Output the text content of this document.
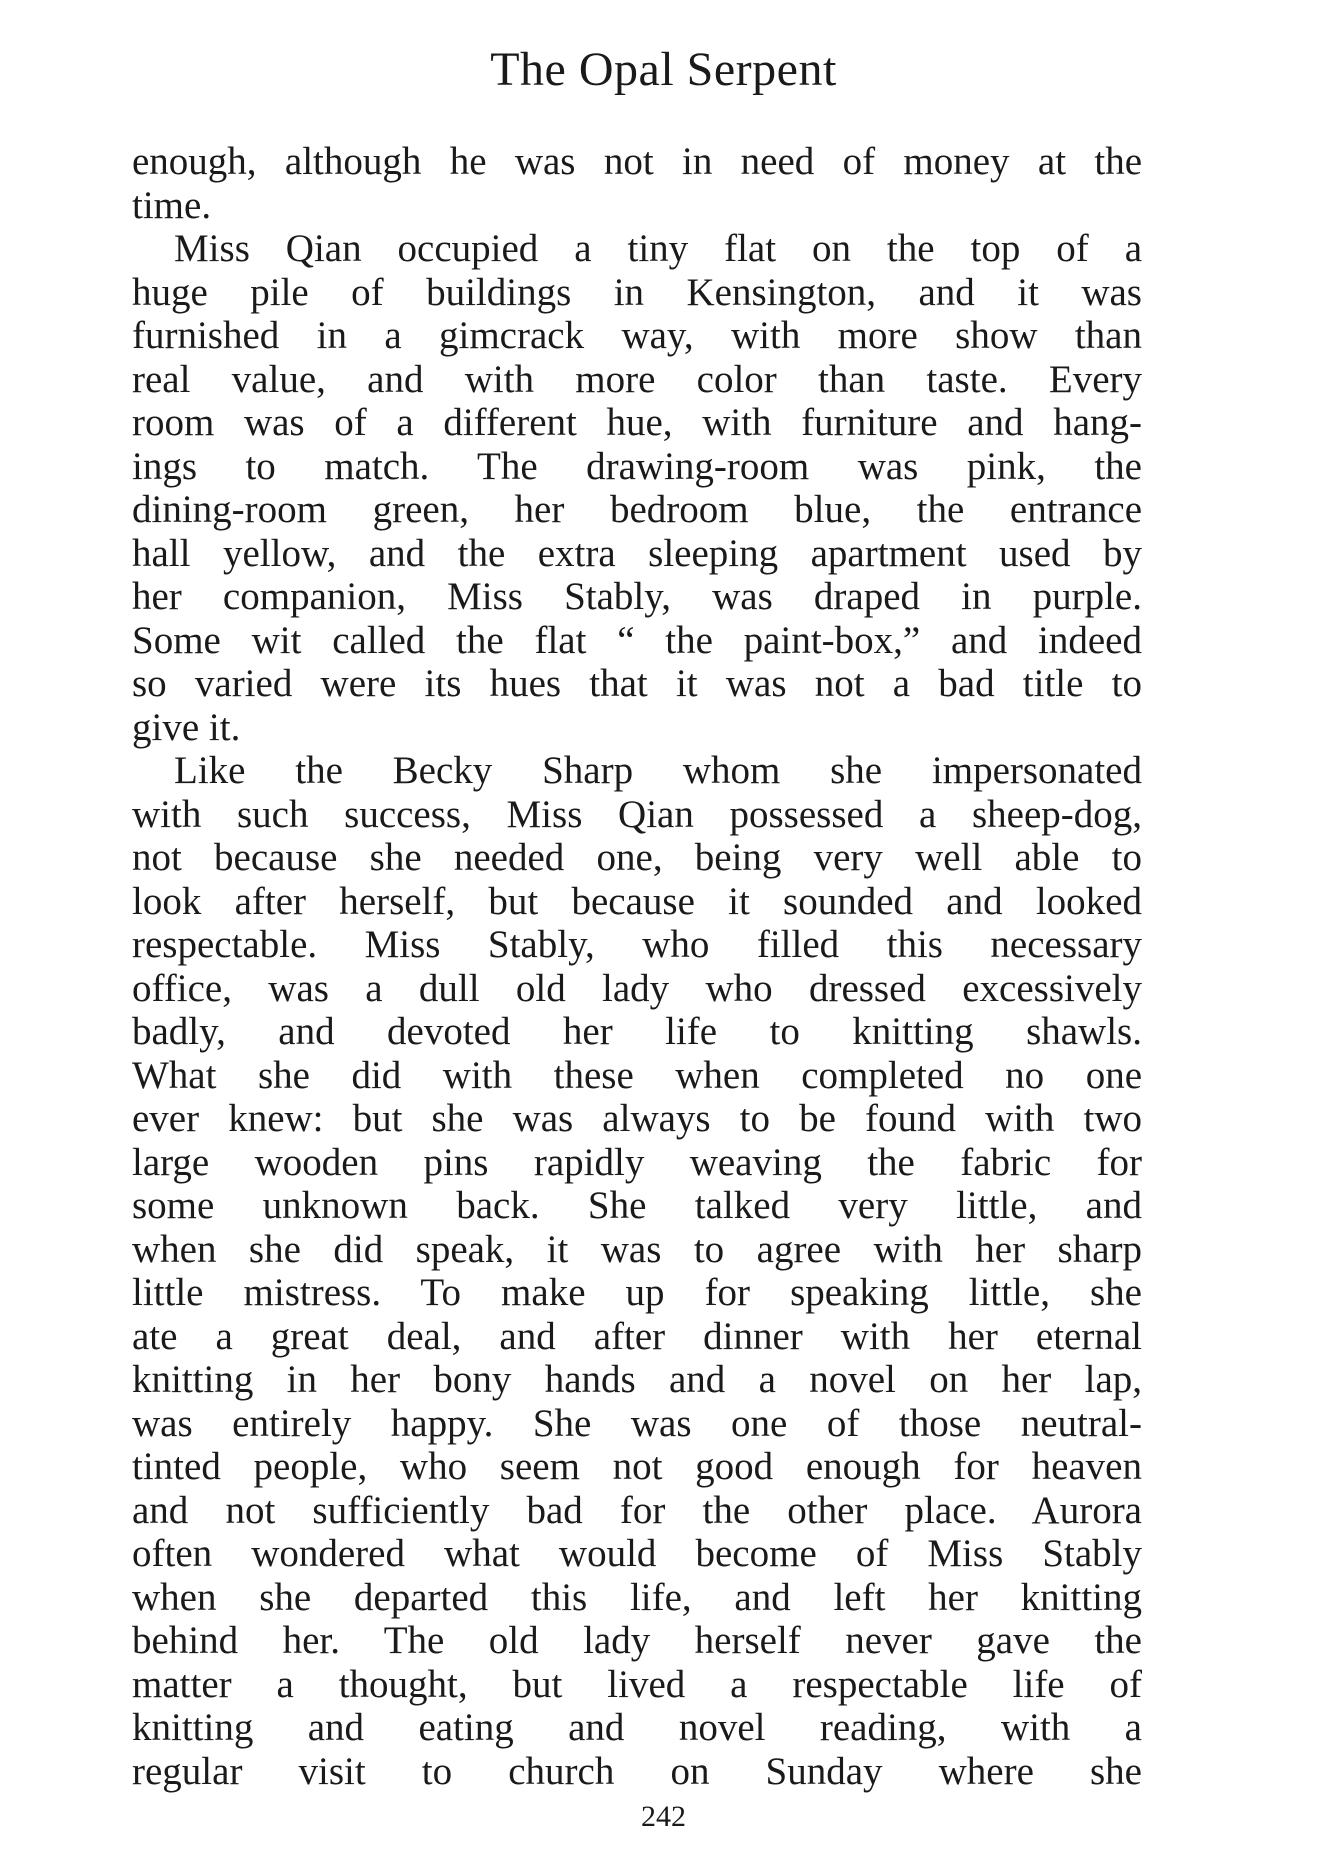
The Opal Serpent
enough, although he was not in need of money at the
time.
Miss Qian occupied a tiny flat on the top of a
huge pile of buildings in Kensington, and it was
furnished in a gimcrack way, with more show than
real value, and with more color than taste. Every
room was of a different hue, with furniture and hang-
ings to match. The drawing-room was pink, the
dining-room green, her bedroom blue, the entrance
hall yellow, and the extra sleeping apartment used by
her companion, Miss Stably, was draped in purple.
Some wit called the flat “ the paint-box,” and indeed
so varied were its hues that it was not a bad title to
give it.
Like the Becky Sharp whom she impersonated
with such success, Miss Qian possessed a sheep-dog,
not because she needed one, being very well able to
look after herself, but because it sounded and looked
respectable. Miss Stably, who filled this necessary
office, was a dull old lady who dressed excessively
badly, and devoted her life to knitting shawls.
What she did with these when completed no one
ever knew: but she was always to be found with two
large wooden pins rapidly weaving the fabric for
some unknown back. She talked very little, and
when she did speak, it was to agree with her sharp
little mistress. To make up for speaking little, she
ate a great deal, and after dinner with her eternal
knitting in her bony hands and a novel on her lap,
was entirely happy. She was one of those neutral-
tinted people, who seem not good enough for heaven
and not sufficiently bad for the other place. Aurora
often wondered what would become of Miss Stably
when she departed this life, and left her knitting
behind her. The old lady herself never gave the
matter a thought, but lived a respectable life of
knitting and eating and novel reading, with a
regular visit to church on Sunday where she
242
